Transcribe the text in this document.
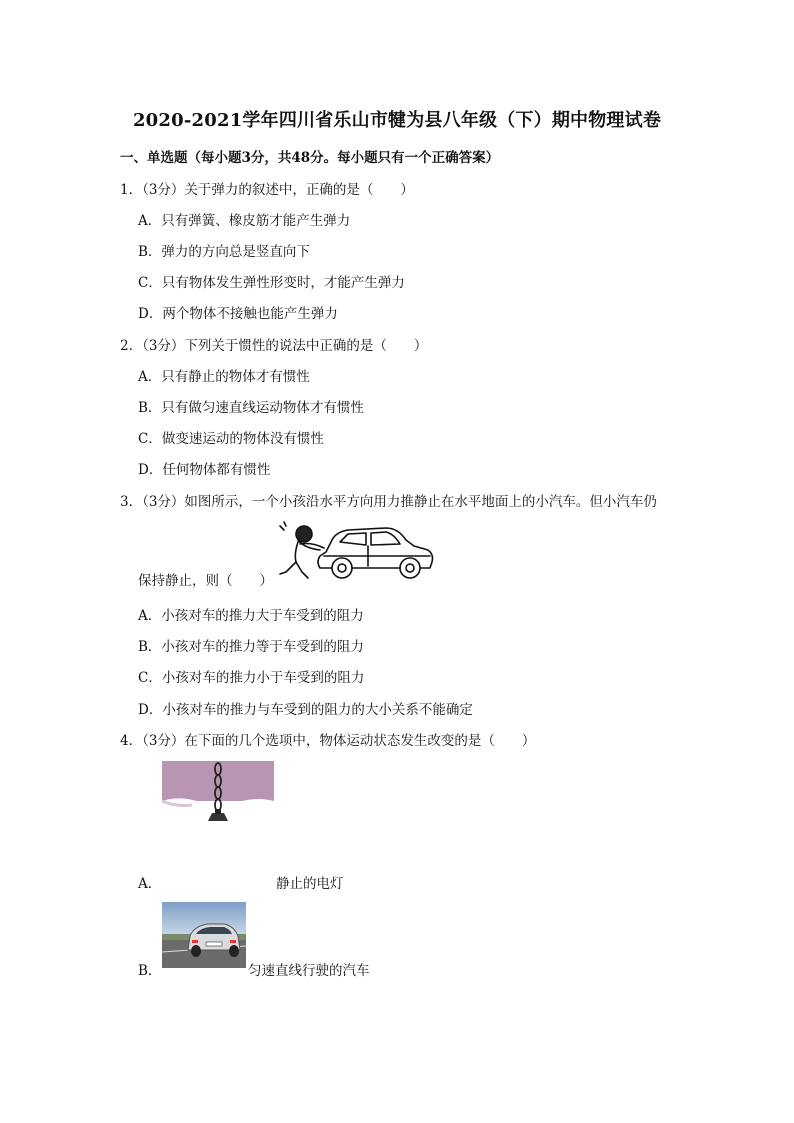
2020-2021学年四川省乐山市犍为县八年级（下）期中物理试卷
一、单选题（每小题3分，共48分。每小题只有一个正确答案）
1．（3分）关于弹力的叙述中，正确的是（　　）
A．只有弹簧、橡皮筋才能产生弹力
B．弹力的方向总是竖直向下
C．只有物体发生弹性形变时，才能产生弹力
D．两个物体不接触也能产生弹力
2．（3分）下列关于惯性的说法中正确的是（　　）
A．只有静止的物体才有惯性
B．只有做匀速直线运动物体才有惯性
C．做变速运动的物体没有惯性
D．任何物体都有惯性
3．（3分）如图所示，一个小孩沿水平方向用力推静止在水平地面上的小汽车。但小汽车仍
保持静止，则（　　）
A．小孩对车的推力大于车受到的阻力
B．小孩对车的推力等于车受到的阻力
C．小孩对车的推力小于车受到的阻力
D．小孩对车的推力与车受到的阻力的大小关系不能确定
4．（3分）在下面的几个选项中，物体运动状态发生改变的是（　　）
A．	静止的电灯
B．	匀速直线行驶的汽车
